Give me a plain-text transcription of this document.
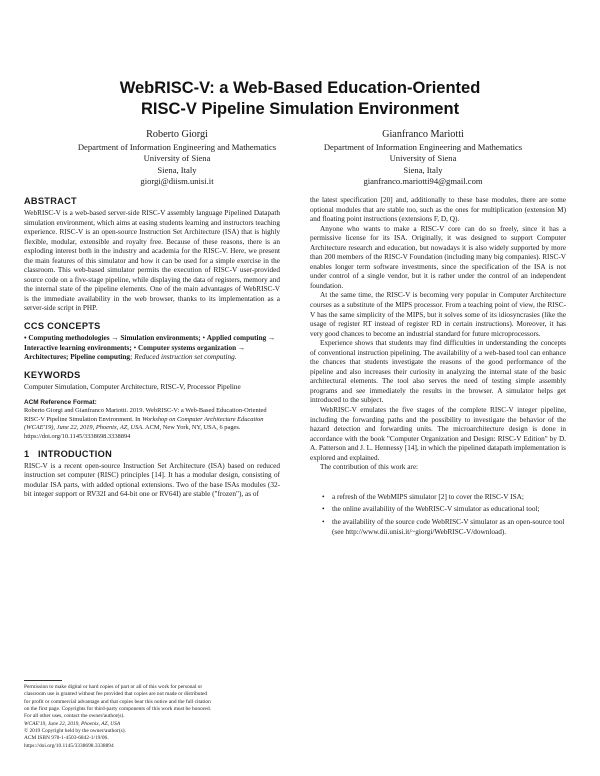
WebRISC-V: a Web-Based Education-Oriented
RISC-V Pipeline Simulation Environment
Roberto Giorgi
Department of Information Engineering and Mathematics
University of Siena
Siena, Italy
giorgi@diism.unisi.it
Gianfranco Mariotti
Department of Information Engineering and Mathematics
University of Siena
Siena, Italy
gianfranco.mariotti94@gmail.com
ABSTRACT

WebRISC-V is a web-based server-side RISC-V assembly language Pipelined Datapath simulation environment, which aims at easing students learning and instructors teaching experience. RISC-V is an open-source Instruction Set Architecture (ISA) that is highly flexible, modular, extensible and royalty free. Because of these reasons, there is an exploding interest both in the industry and academia for the RISC-V. Here, we present the main features of this simulator and how it can be used for a simple exercise in the classroom. This web-based simulator permits the execution of RISC-V user-provided source code on a five-stage pipeline, while displaying the data of registers, memory and the internal state of the pipeline elements. One of the main advantages of WebRISC-V is the immediate availability in the web browser, thanks to its implementation as a server-side script in PHP.

CCS CONCEPTS

• Computing methodologies → Simulation environments; • Applied computing → Interactive learning environments; • Computer systems organization → Architectures; Pipeline computing; Reduced instruction set computing.

KEYWORDS

Computer Simulation, Computer Architecture, RISC-V, Processor Pipeline

ACM Reference Format:

Roberto Giorgi and Gianfranco Mariotti. 2019. WebRISC-V: a Web-Based Education-Oriented RISC-V Pipeline Simulation Environment. In Workshop on Computer Architecture Education (WCAE'19), June 22, 2019, Phoenix, AZ, USA. ACM, New York, NY, USA, 6 pages. https://doi.org/10.1145/3338698.3338894

1   INTRODUCTION

RISC-V is a recent open-source Instruction Set Architecture (ISA) based on reduced instruction set computer (RISC) principles [14]. It has a modular design, consisting of modular ISA parts, with added optional extensions. Two of the base ISAs modules (32-bit integer support or RV32I and 64-bit one or RV64I) are stable ("frozen"), as of

Permission to make digital or hard copies of part or all of this work for personal or
classroom use is granted without fee provided that copies are not made or distributed
for profit or commercial advantage and that copies bear this notice and the full citation
on the first page. Copyrights for third-party components of this work must be honored.
For all other uses, contact the owner/author(s).
WCAE'19, June 22, 2019, Phoenix, AZ, USA
© 2019 Copyright held by the owner/author(s).
ACM ISBN 978-1-4503-6842-1/19/06.
https://doi.org/10.1145/3338698.3338894

the latest specification [20] and, additionally to these base modules, there are some optional modules that are stable too, such as the ones for multiplication (extension M) and floating point instructions (extensions F, D, Q).

Anyone who wants to make a RISC-V core can do so freely, since it has a permissive license for its ISA. Originally, it was designed to support Computer Architecture research and education, but nowadays it is also widely supported by more than 200 members of the RISC-V Foundation (including many big companies). RISC-V enables longer term software investments, since the specification of the ISA is not under control of a single vendor, but it is rather under the control of an independent foundation.

At the same time, the RISC-V is becoming very popular in Computer Architecture courses as a substitute of the MIPS processor. From a teaching point of view, the RISC-V has the same simplicity of the MIPS, but it solves some of its idiosyncrasies (like the usage of register RT instead of register RD in certain instructions). Moreover, it has very good chances to become an industrial standard for future microprocessors.

Experience shows that students may find difficulties in understanding the concepts of conventional instruction pipelining. The availability of a web-based tool can enhance the chances that students investigate the reasons of the good performance of the pipeline and also increases their curiosity in analyzing the internal state of the basic architectural elements. The tool also serves the need of testing simple assembly programs and see immediately the results in the browser. A simulator helps get introduced to the subject.

WebRISC-V emulates the five stages of the complete RISC-V integer pipeline, including the forwarding paths and the possibility to investigate the behavior of the hazard detection and forwarding units. The microarchitecture design is done in accordance with the book "Computer Organization and Design: RISC-V Edition" by D. A. Patterson and J. L. Hennessy [14], in which the pipelined datapath implementation is explored and explained.

The contribution of this work are:

• a refresh of the WebMIPS simulator [2] to cover the RISC-V ISA;
• the online availability of the WebRISC-V simulator as educational tool;
• the availability of the source code WebRISC-V simulator as an open-source tool (see http://www.dii.unisi.it/~giorgi/WebRISC-V/download).
